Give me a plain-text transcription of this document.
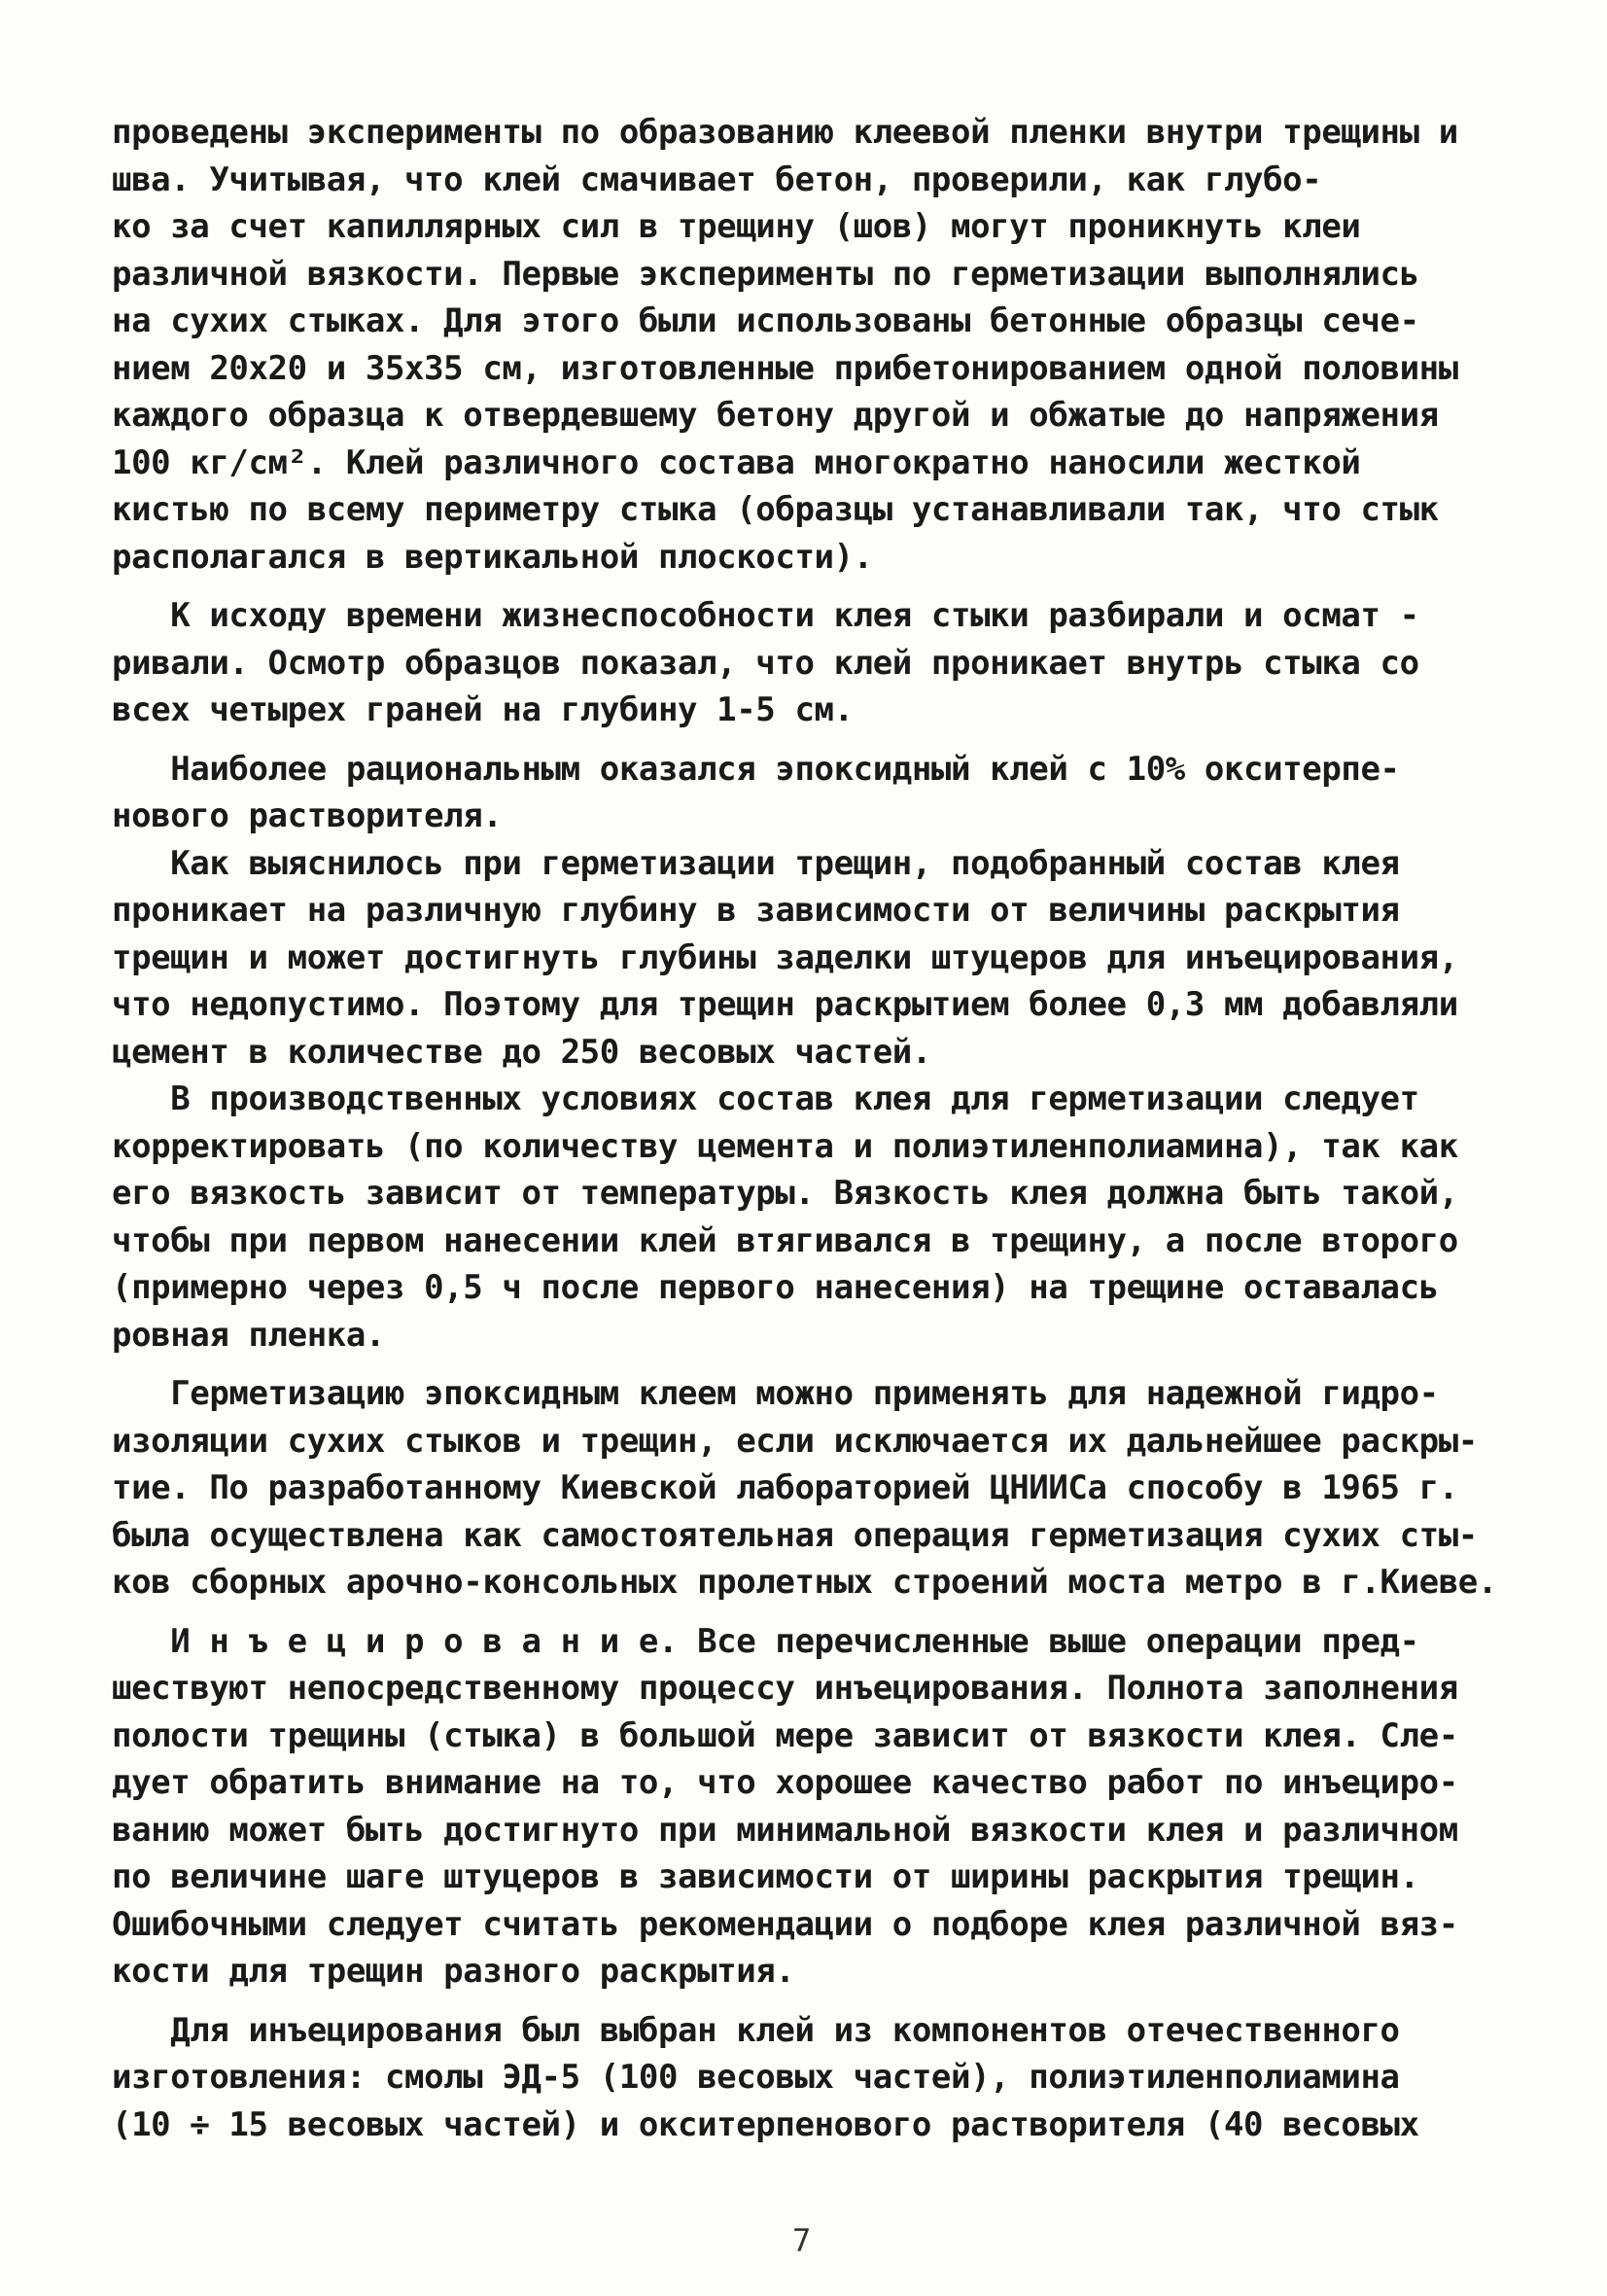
проведены эксперименты по образованию клеевой пленки внутри трещины и
шва. Учитывая, что клей смачивает бетон, проверили, как глубо-
ко за счет капиллярных сил в трещину (шов) могут проникнуть клеи
различной вязкости. Первые эксперименты по герметизации выполнялись
на сухих стыках. Для этого были использованы бетонные образцы сече-
нием 20х20 и 35х35 см, изготовленные прибетонированием одной половины
каждого образца к отвердевшему бетону другой и обжатые до напряжения
100 кг/см². Клей различного состава многократно наносили жесткой
кистью по всему периметру стыка (образцы устанавливали так, что стык
располагался в вертикальной плоскости).
К исходу времени жизнеспособности клея стыки разбирали и осмат -
ривали. Осмотр образцов показал, что клей проникает внутрь стыка со
всех четырех граней на глубину 1-5 см.
Наиболее рациональным оказался эпоксидный клей с 10% окситерпе-
нового растворителя.
Как выяснилось при герметизации трещин, подобранный состав клея
проникает на различную глубину в зависимости от величины раскрытия
трещин и может достигнуть глубины заделки штуцеров для инъецирования,
что недопустимо. Поэтому для трещин раскрытием более 0,3 мм добавляли
цемент в количестве до 250 весовых частей.
В производственных условиях состав клея для герметизации следует
корректировать (по количеству цемента и полиэтиленполиамина), так как
его вязкость зависит от температуры. Вязкость клея должна быть такой,
чтобы при первом нанесении клей втягивался в трещину, а после второго
(примерно через 0,5 ч после первого нанесения) на трещине оставалась
ровная пленка.
Герметизацию эпоксидным клеем можно применять для надежной гидро-
изоляции сухих стыков и трещин, если исключается их дальнейшее раскры-
тие. По разработанному Киевской лабораторией ЦНИИСа способу в 1965 г.
была осуществлена как самостоятельная операция герметизация сухих сты-
ков сборных арочно-консольных пролетных строений моста метро в г.Киеве.
И н ъ е ц и р о в а н и е. Все перечисленные выше операции пред-
шествуют непосредственному процессу инъецирования. Полнота заполнения
полости трещины (стыка) в большой мере зависит от вязкости клея. Сле-
дует обратить внимание на то, что хорошее качество работ по инъециро-
ванию может быть достигнуто при минимальной вязкости клея и различном
по величине шаге штуцеров в зависимости от ширины раскрытия трещин.
Ошибочными следует считать рекомендации о подборе клея различной вяз-
кости для трещин разного раскрытия.
Для инъецирования был выбран клей из компонентов отечественного
изготовления: смолы ЭД-5 (100 весовых частей), полиэтиленполиамина
(10 ÷ 15 весовых частей) и окситерпенового растворителя (40 весовых
7
